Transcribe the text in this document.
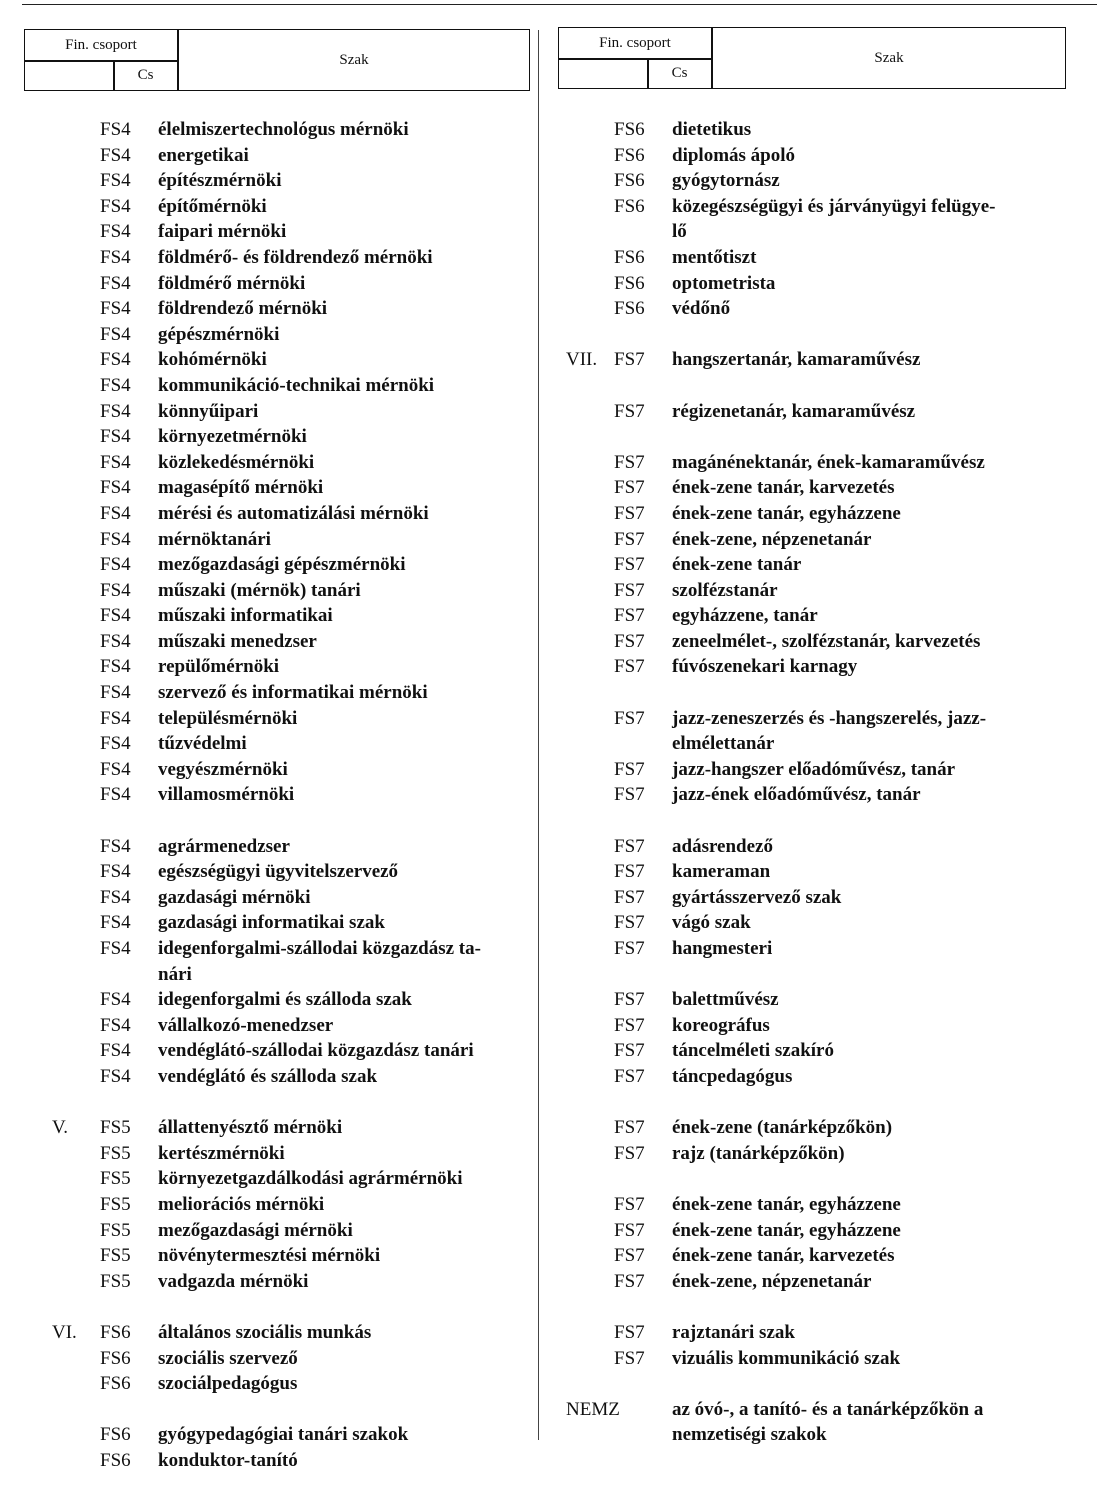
Fin. csoport
Cs
Szak
Fin. csoport
Cs
Szak
FS4	élelmiszertechnológus mérnöki
FS4	energetikai
FS4	építészmérnöki
FS4	építőmérnöki
FS4	faipari mérnöki
FS4	földmérő- és földrendező mérnöki
FS4	földmérő mérnöki
FS4	földrendező mérnöki
FS4	gépészmérnöki
FS4	kohómérnöki
FS4	kommunikáció-technikai mérnöki
FS4	könnyűipari
FS4	környezetmérnöki
FS4	közlekedésmérnöki
FS4	magasépítő mérnöki
FS4	mérési és automatizálási mérnöki
FS4	mérnöktanári
FS4	mezőgazdasági gépészmérnöki
FS4	műszaki (mérnök) tanári
FS4	műszaki informatikai
FS4	műszaki menedzser
FS4	repülőmérnöki
FS4	szervező és informatikai mérnöki
FS4	településmérnöki
FS4	tűzvédelmi
FS4	vegyészmérnöki
FS4	villamosmérnöki
FS4	agrármenedzser
FS4	egészségügyi ügyvitelszervező
FS4	gazdasági mérnöki
FS4	gazdasági informatikai szak
FS4	idegenforgalmi-szállodai közgazdász ta-
nári
FS4	idegenforgalmi és szálloda szak
FS4	vállalkozó-menedzser
FS4	vendéglátó-szállodai közgazdász tanári
FS4	vendéglátó és szálloda szak
V.	FS5	állattenyésztő mérnöki
FS5	kertészmérnöki
FS5	környezetgazdálkodási agrármérnöki
FS5	meliorációs mérnöki
FS5	mezőgazdasági mérnöki
FS5	növénytermesztési mérnöki
FS5	vadgazda mérnöki
VI.	FS6	általános szociális munkás
FS6	szociális szervező
FS6	szociálpedagógus
FS6	gyógypedagógiai tanári szakok
FS6	konduktor-tanító
FS6	dietetikus
FS6	diplomás ápoló
FS6	gyógytornász
FS6	közegészségügyi és járványügyi felügye-
lő
FS6	mentőtiszt
FS6	optometrista
FS6	védőnő
VII. FS7	hangszertanár, kamaraművész
FS7	régizenetanár, kamaraművész
FS7	magánénektanár, ének-kamaraművész
FS7	ének-zene tanár, karvezetés
FS7	ének-zene tanár, egyházzene
FS7	ének-zene, népzenetanár
FS7	ének-zene tanár
FS7	szolfézstanár
FS7	egyházzene, tanár
FS7	zeneelmélet-, szolfézstanár, karvezetés
FS7	fúvószenekari karnagy
FS7	jazz-zeneszerzés és -hangszerelés, jazz-
elmélettanár
FS7	jazz-hangszer előadóművész, tanár
FS7	jazz-ének előadóművész, tanár
FS7	adásrendező
FS7	kameraman
FS7	gyártásszervező szak
FS7	vágó szak
FS7	hangmesteri
FS7	balettművész
FS7	koreográfus
FS7	táncelméleti szakíró
FS7	táncpedagógus
FS7	ének-zene (tanárképzőkön)
FS7	rajz (tanárképzőkön)
FS7	ének-zene tanár, egyházzene
FS7	ének-zene tanár, egyházzene
FS7	ének-zene tanár, karvezetés
FS7	ének-zene, népzenetanár
FS7	rajztanári szak
FS7	vizuális kommunikáció szak
NEMZ	az óvó-, a tanító- és a tanárképzőkön a
nemzetiségi szakok
